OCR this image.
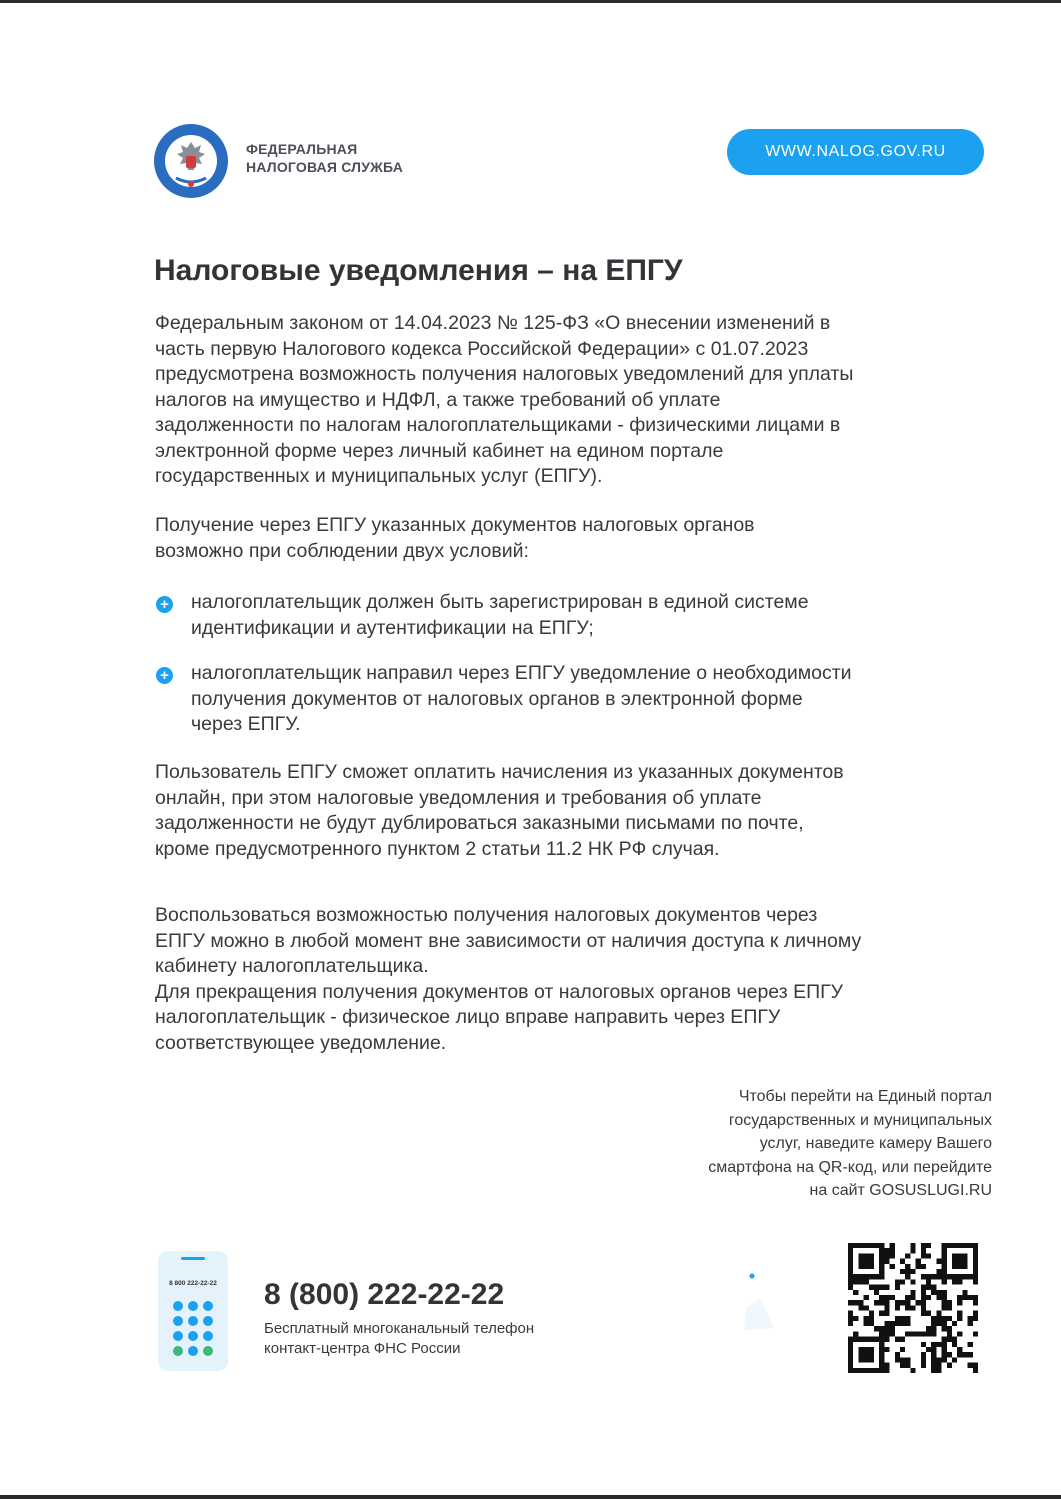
ФЕДЕРАЛЬНАЯ
НАЛОГОВАЯ СЛУЖБА
WWW.NALOG.GOV.RU
Налоговые уведомления – на ЕПГУ

Федеральным законом от 14.04.2023 № 125-ФЗ «О внесении изменений в
часть первую Налогового кодекса Российской Федерации» с 01.07.2023
предусмотрена возможность получения налоговых уведомлений для уплаты
налогов на имущество и НДФЛ, а также требований об уплате
задолженности по налогам налогоплательщиками - физическими лицами в
электронной форме через личный кабинет на едином портале
государственных и муниципальных услуг (ЕПГУ).

Получение через ЕПГУ указанных документов налоговых органов
возможно при соблюдении двух условий:

+ налогоплательщик должен быть зарегистрирован в единой системе
идентификации и аутентификации на ЕПГУ;

+ налогоплательщик направил через ЕПГУ уведомление о необходимости
получения документов от налоговых органов в электронной форме
через ЕПГУ.

Пользователь ЕПГУ сможет оплатить начисления из указанных документов
онлайн, при этом налоговые уведомления и требования об уплате
задолженности не будут дублироваться заказными письмами по почте,
кроме предусмотренного пунктом 2 статьи 11.2 НК РФ случая.

Воспользоваться возможностью получения налоговых документов через
ЕПГУ можно в любой момент вне зависимости от наличия доступа к личному
кабинету налогоплательщика.
Для прекращения получения документов от налоговых органов через ЕПГУ
налогоплательщик - физическое лицо вправе направить через ЕПГУ
соответствующее уведомление.

Чтобы перейти на Единый портал
государственных и муниципальных
услуг, наведите камеру Вашего
смартфона на QR-код, или перейдите
на сайт GOSUSLUGI.RU

8 800 222-22-22 8 (800) 222-22-22

Бесплатный многоканальный телефон
контакт-центра ФНС России
